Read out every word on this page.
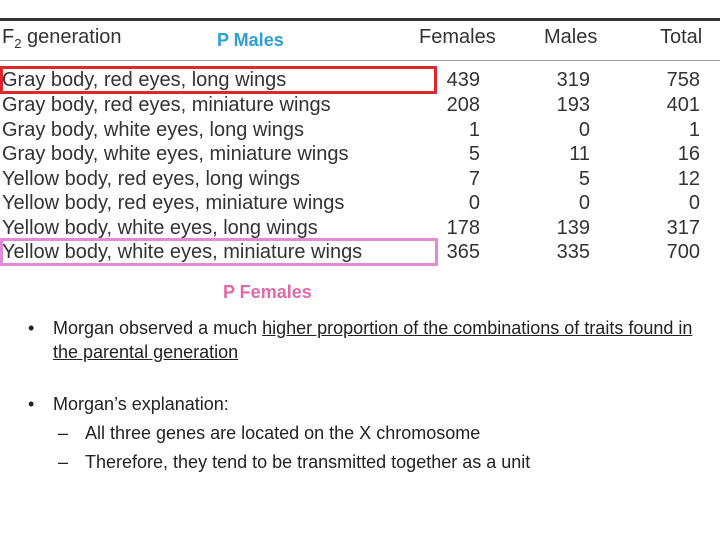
$F_2$ generation	P Males	Females Males	Total
Gray body, red eyes, long wings	439	319	758
Gray body, red eyes, miniature wings	208	193	401
Gray body, white eyes, long wings	1	0	1
Gray body, white eyes, miniature wings	5	11	16
Yellow body, red eyes, long wings	7	5	12
Yellow body, red eyes, miniature wings	0	0	0
Yellow body, white eyes, long wings	178	139	317
Yellow body, white eyes, miniature wings	365	335	700
P Females
• Morgan observed a much higher proportion of the combinations of traits found in the parental generation
• Morgan’s explanation:
– All three genes are located on the X chromosome
– Therefore, they tend to be transmitted together as a unit
